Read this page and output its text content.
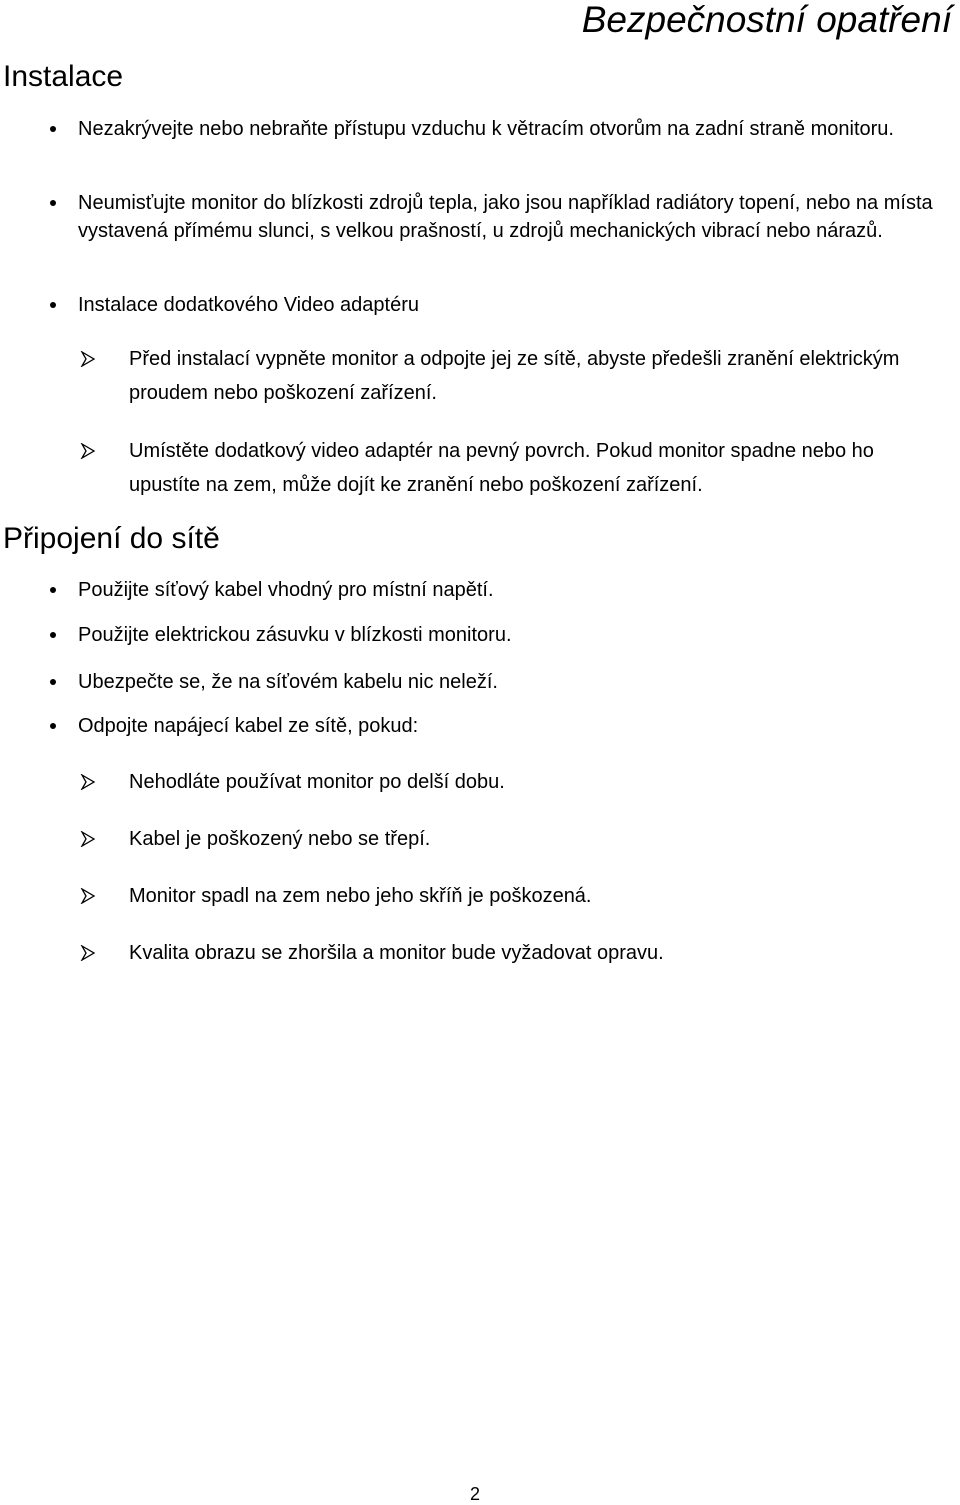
Bezpečnostní opatření
Instalace
Nezakrývejte nebo nebraňte přístupu vzduchu k větracím otvorům na zadní straně monitoru.
Neumisťujte monitor do blízkosti zdrojů tepla, jako jsou například radiátory topení, nebo na místa vystavená přímému slunci, s velkou prašností, u zdrojů mechanických vibrací nebo nárazů.
Instalace dodatkového Video adaptéru
Před instalací vypněte monitor a odpojte jej ze sítě, abyste předešli zranění elektrickým proudem nebo poškození zařízení.
Umístěte dodatkový video adaptér na pevný povrch. Pokud monitor spadne nebo ho upustíte na zem, může dojít ke zranění nebo poškození zařízení.
Připojení do sítě
Použijte síťový kabel vhodný pro místní napětí.
Použijte elektrickou zásuvku v blízkosti monitoru.
Ubezpečte se, že na síťovém kabelu nic neleží.
Odpojte napájecí kabel ze sítě, pokud:
Nehodláte používat monitor po delší dobu.
Kabel je poškozený nebo se třepí.
Monitor spadl na zem nebo jeho skříň je poškozená.
Kvalita obrazu se zhoršila a monitor bude vyžadovat opravu.
2
